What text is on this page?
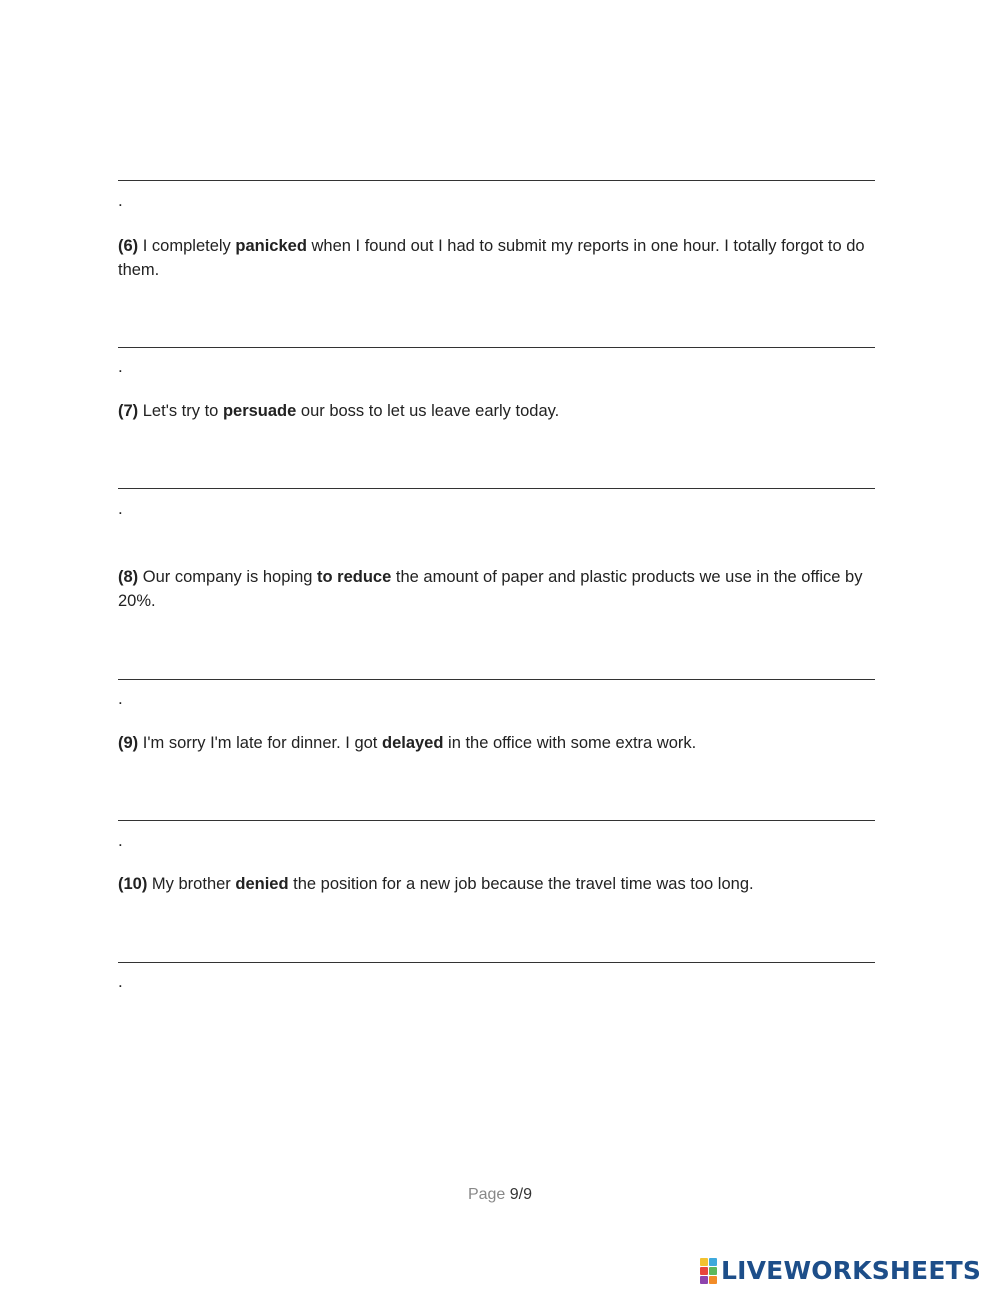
.
(6) I completely panicked when I found out I had to submit my reports in one hour. I totally forgot to do them.
.
(7) Let's try to persuade our boss to let us leave early today.
.
(8) Our company is hoping to reduce the amount of paper and plastic products we use in the office by 20%.
.
(9) I'm sorry I'm late for dinner. I got delayed in the office with some extra work.
.
(10) My brother denied the position for a new job because the travel time was too long.
.
Page 9/9
LIVEWORKSHEETS
